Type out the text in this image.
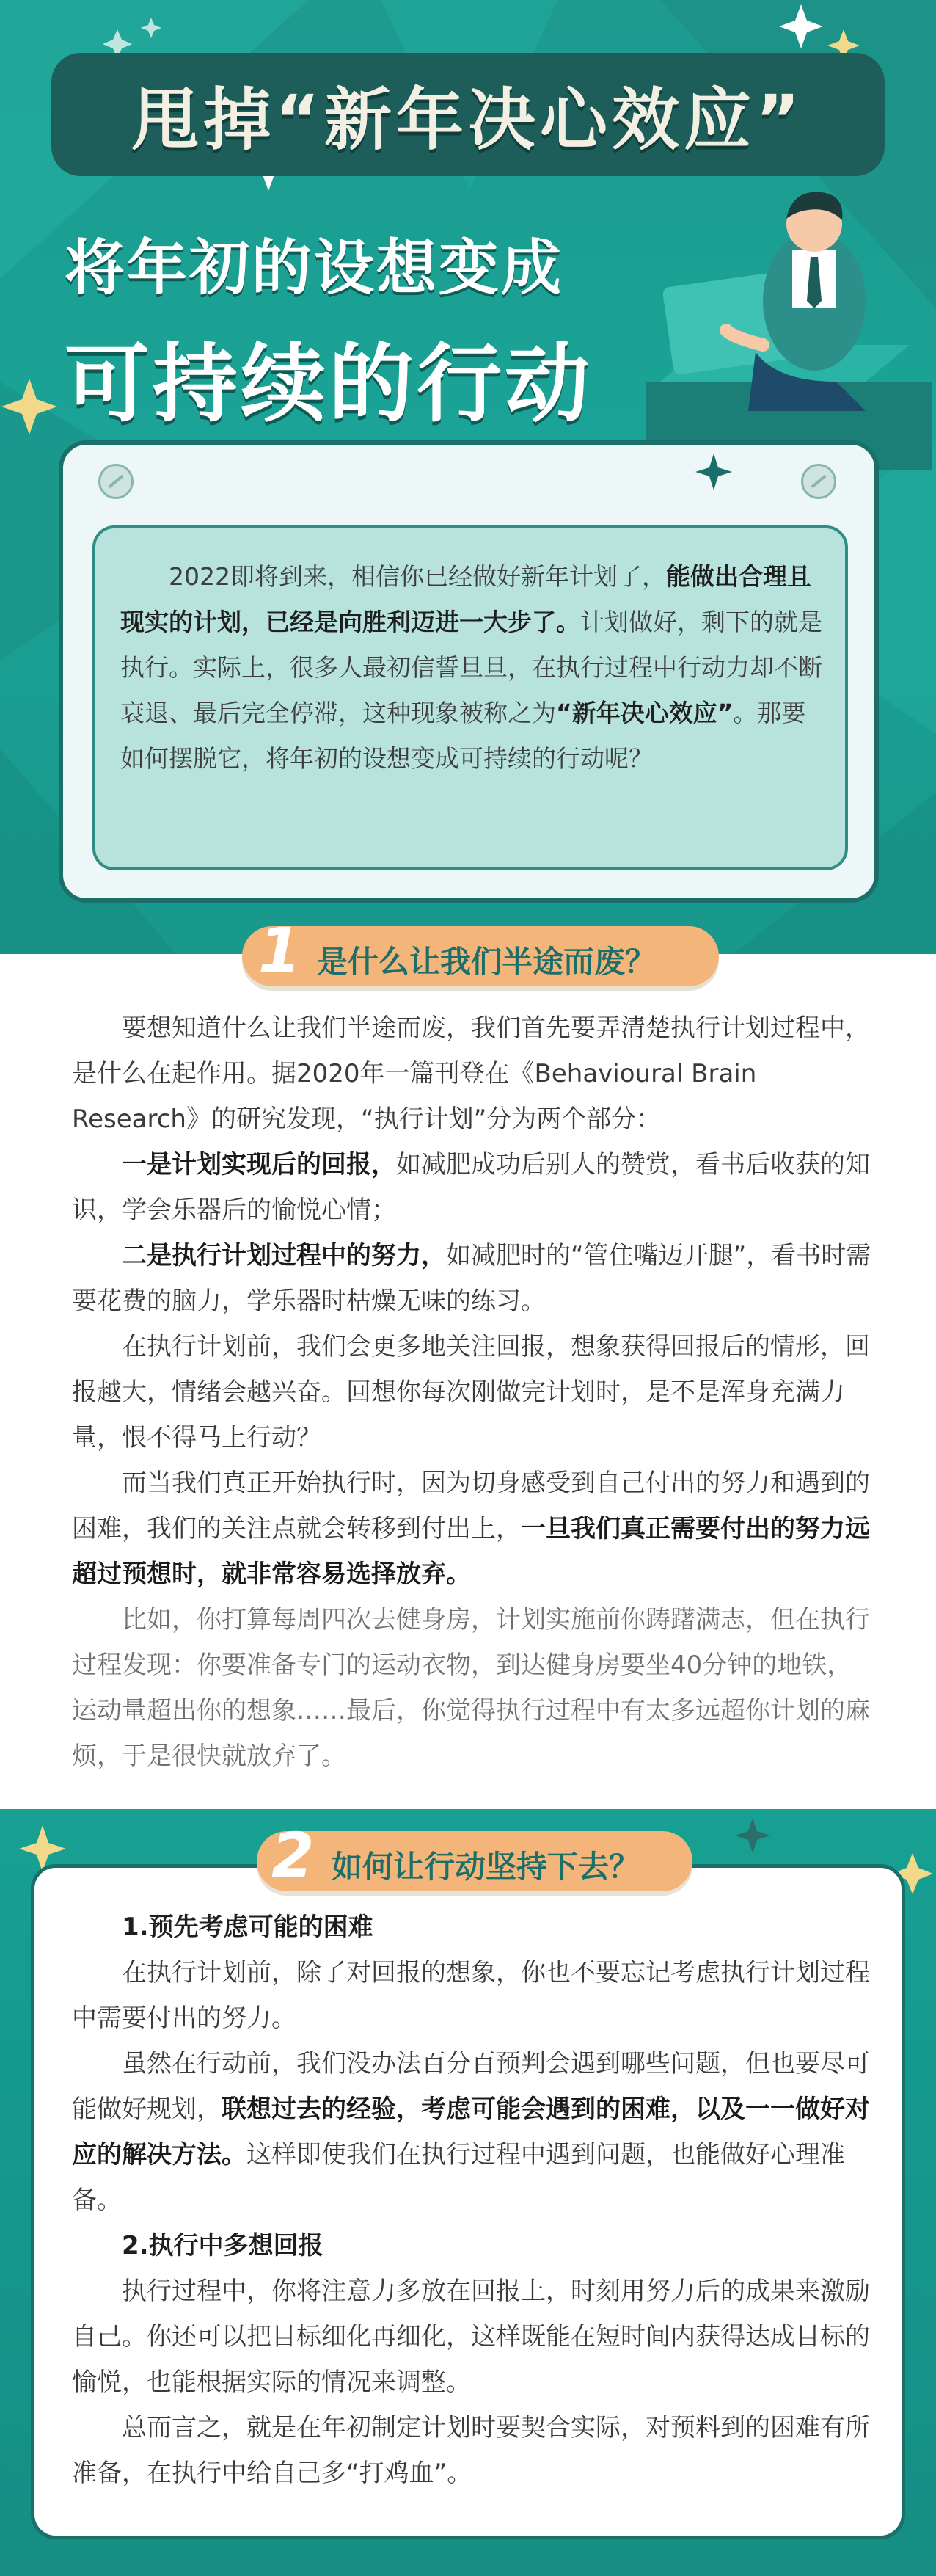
甩掉“新年决心效应”
将年初的设想变成
可持续的行动
2022即将到来，相信你已经做好新年计划了，能做出合理且现实的计划，已经是向胜利迈进一大步了。计划做好，剩下的就是执行。实际上，很多人最初信誓旦旦，在执行过程中行动力却不断衰退、最后完全停滞，这种现象被称之为“新年决心效应”。那要如何摆脱它，将年初的设想变成可持续的行动呢？
1 是什么让我们半途而废？

要想知道什么让我们半途而废，我们首先要弄清楚执行计划过程中，是什么在起作用。据2020年一篇刊登在《Behavioural Brain Research》的研究发现，“执行计划”分为两个部分：

一是计划实现后的回报，如减肥成功后别人的赞赏，看书后收获的知识，学会乐器后的愉悦心情；

二是执行计划过程中的努力，如减肥时的“管住嘴迈开腿”，看书时需要花费的脑力，学乐器时枯燥无味的练习。

在执行计划前，我们会更多地关注回报，想象获得回报后的情形，回报越大，情绪会越兴奋。回想你每次刚做完计划时，是不是浑身充满力量，恨不得马上行动？

而当我们真正开始执行时，因为切身感受到自己付出的努力和遇到的困难，我们的关注点就会转移到付出上，一旦我们真正需要付出的努力远超过预想时，就非常容易选择放弃。

比如，你打算每周四次去健身房，计划实施前你踌躇满志，但在执行过程发现：你要准备专门的运动衣物，到达健身房要坐40分钟的地铁，运动量超出你的想象……最后，你觉得执行过程中有太多远超你计划的麻烦，于是很快就放弃了。

2 如何让行动坚持下去？

1.预先考虑可能的困难

在执行计划前，除了对回报的想象，你也不要忘记考虑执行计划过程中需要付出的努力。

虽然在行动前，我们没办法百分百预判会遇到哪些问题，但也要尽可能做好规划，联想过去的经验，考虑可能会遇到的困难，以及一一做好对应的解决方法。这样即使我们在执行过程中遇到问题，也能做好心理准备。

2.执行中多想回报

执行过程中，你将注意力多放在回报上，时刻用努力后的成果来激励自己。你还可以把目标细化再细化，这样既能在短时间内获得达成目标的愉悦，也能根据实际的情况来调整。

总而言之，就是在年初制定计划时要契合实际，对预料到的困难有所准备，在执行中给自己多“打鸡血”。
